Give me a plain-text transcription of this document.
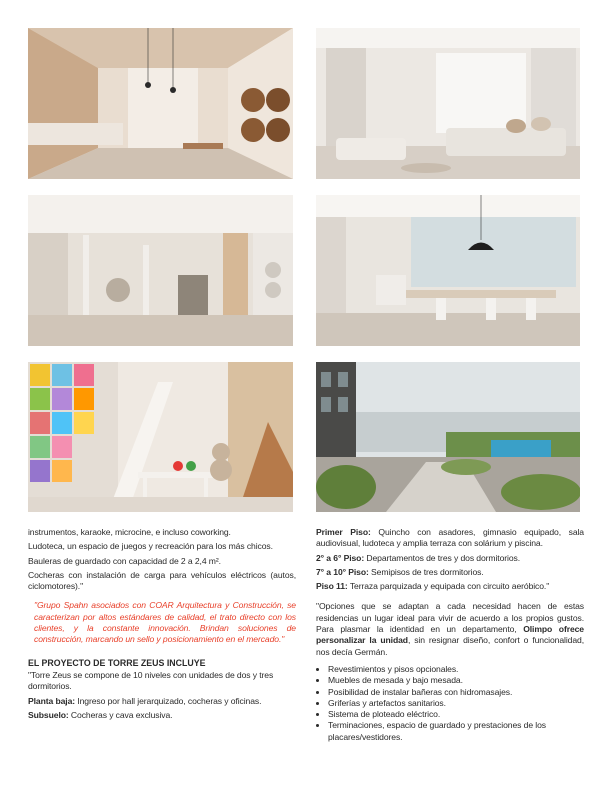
instrumentos, karaoke, microcine, e incluso coworking.

Ludoteca, un espacio de juegos y recreación para los más chicos.

Bauleras de guardado con capacidad de 2 a 2,4 m².

Cocheras con instalación de carga para vehículos eléctricos (autos, ciclomotores)."

"Grupo Spahn asociados con COAR Arquitectura y Construcción, se caracterizan por altos estándares de calidad, el trato directo con los clientes, y la constante innovación. Brindan soluciones de construcción, marcando un sello y posicionamiento en el mercado."

EL PROYECTO DE TORRE ZEUS INCLUYE

"Torre Zeus se compone de 10 niveles con unidades de dos y tres dormitorios.

Planta baja: Ingreso por hall jerarquizado, cocheras y oficinas.

Subsuelo: Cocheras y cava exclusiva.

Primer Piso: Quincho con asadores, gimnasio equipado, sala audiovisual, ludoteca y amplia terraza con solárium y piscina.

2° a 6° Piso: Departamentos de tres y dos dormitorios.

7° a 10° Piso: Semipisos de tres dormitorios.

Piso 11: Terraza parquizada y equipada con circuito aeróbico."

"Opciones que se adaptan a cada necesidad hacen de estas residencias un lugar ideal para vivir de acuerdo a los propios gustos. Para plasmar la identidad en un departamento, Olimpo ofrece personalizar la unidad, sin resignar diseño, confort o funcionalidad, nos decía Germán.

• Revestimientos y pisos opcionales.
• Muebles de mesada y bajo mesada.
• Posibilidad de instalar bañeras con hidromasajes.
• Griferías y artefactos sanitarios.
• Sistema de ploteado eléctrico.
• Terminaciones, espacio de guardado y prestaciones de los placares/vestidores.
